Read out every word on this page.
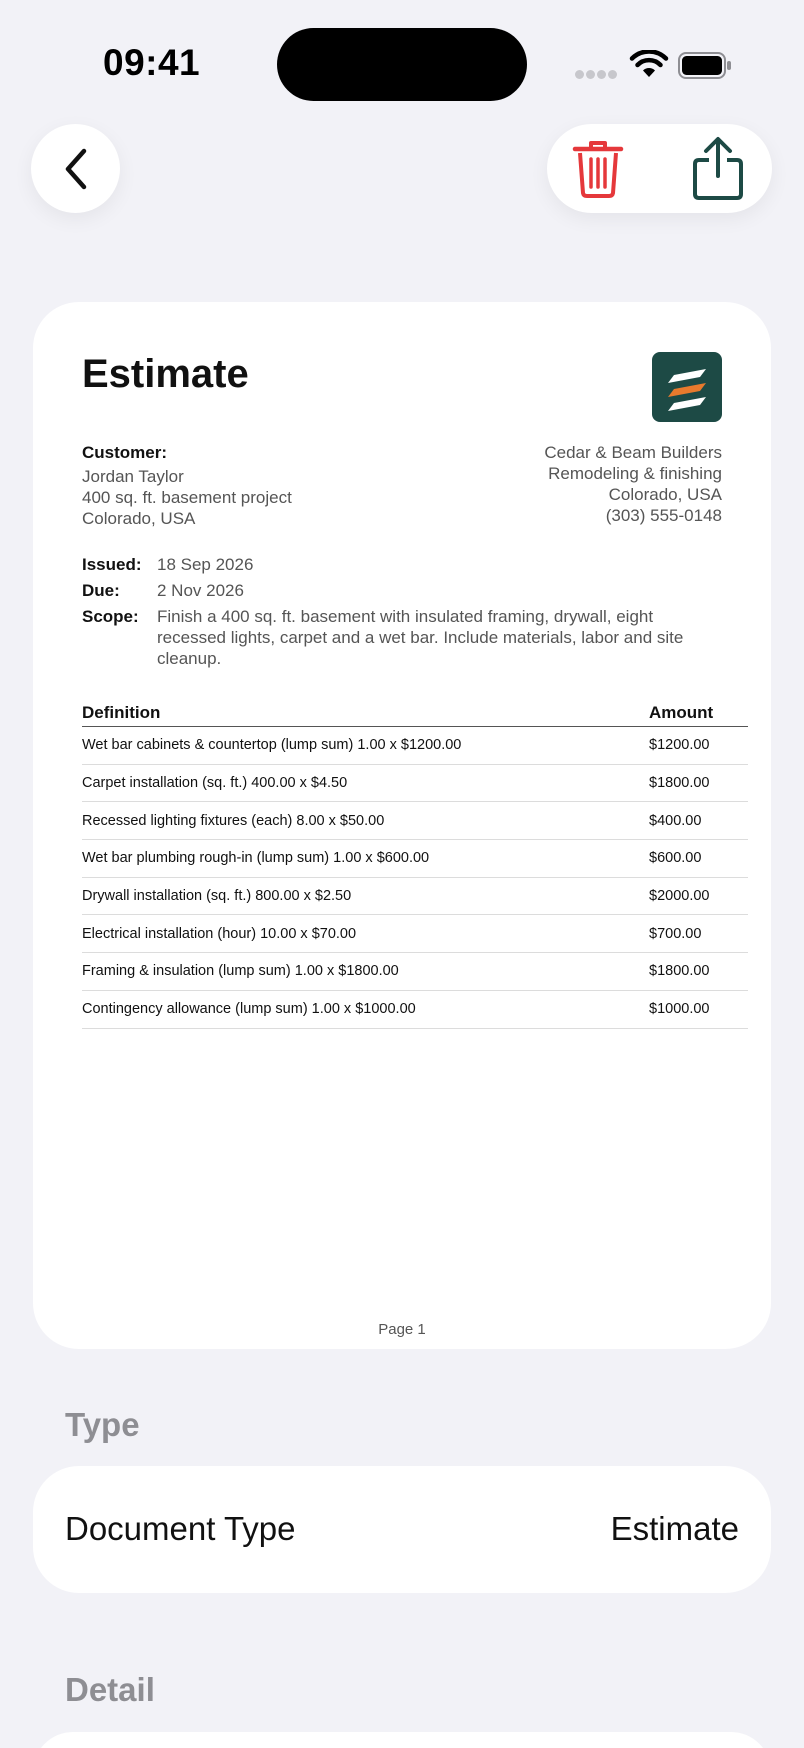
09:41
Estimate
Customer:
Jordan Taylor
400 sq. ft. basement project
Colorado, USA
Cedar & Beam Builders
Remodeling & finishing
Colorado, USA
(303) 555-0148
Issued: 18 Sep 2026
Due:	2 Nov 2026
Scope:	Finish a 400 sq. ft. basement with insulated framing, drywall, eight recessed lights, carpet and a wet bar. Include materials, labor and site cleanup.
Definition	Amount
Wet bar cabinets & countertop (lump sum) 1.00 x $1200.00	$1200.00
Carpet installation (sq. ft.) 400.00 x $4.50	$1800.00
Recessed lighting fixtures (each) 8.00 x $50.00	$400.00
Wet bar plumbing rough-in (lump sum) 1.00 x $600.00	$600.00
Drywall installation (sq. ft.) 800.00 x $2.50	$2000.00
Electrical installation (hour) 10.00 x $70.00	$700.00
Framing & insulation (lump sum) 1.00 x $1800.00	$1800.00
Contingency allowance (lump sum) 1.00 x $1000.00	$1000.00
Page 1
Type
Document Type	Estimate
Detail
